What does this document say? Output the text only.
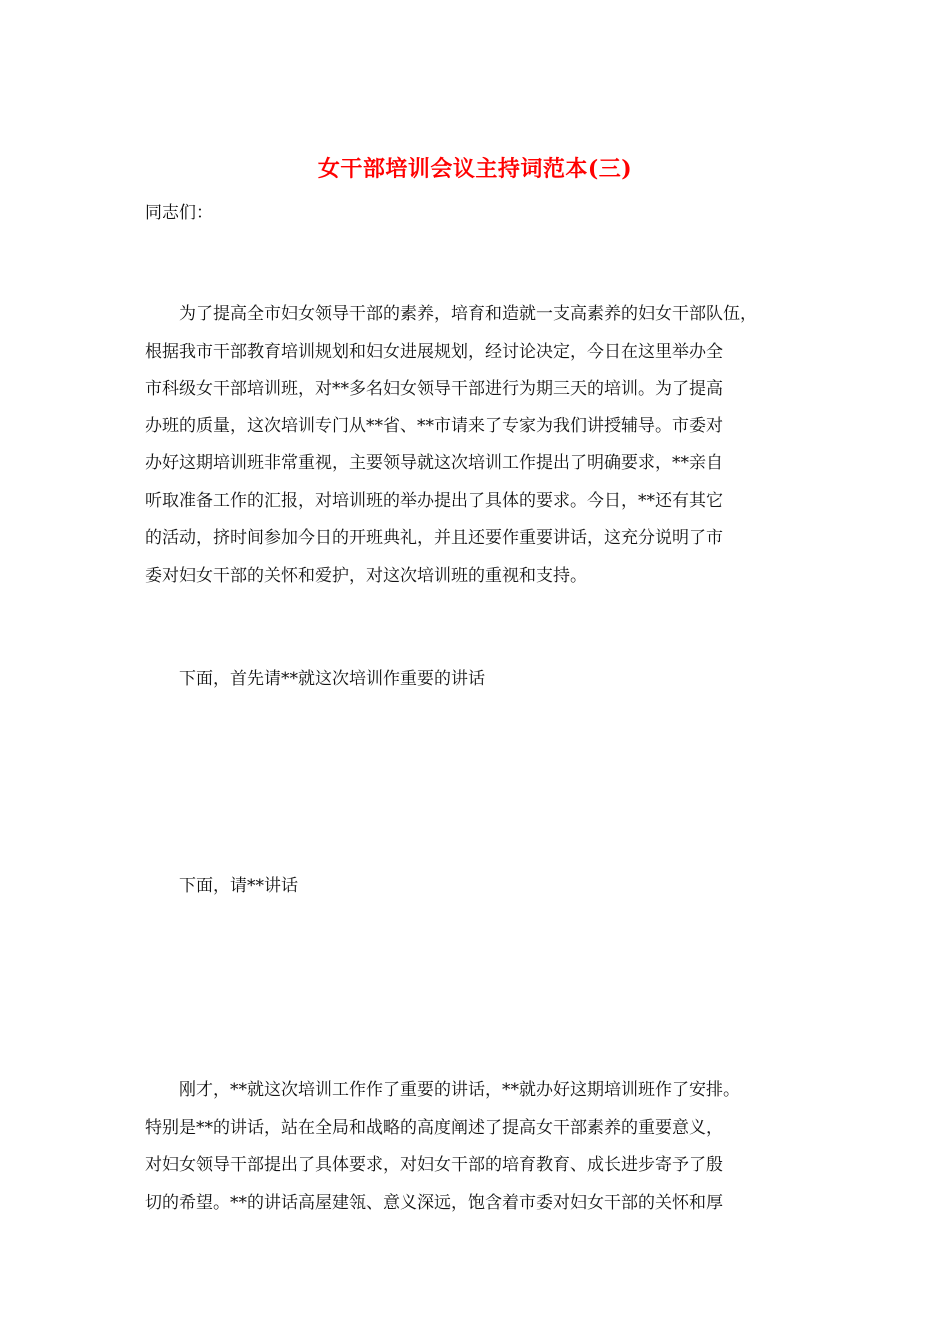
女干部培训会议主持词范本(三)
同志们：
　　为了提高全市妇女领导干部的素养，培育和造就一支高素养的妇女干部队伍，
根据我市干部教育培训规划和妇女进展规划，经讨论决定，今日在这里举办全
市科级女干部培训班，对**多名妇女领导干部进行为期三天的培训。为了提高
办班的质量，这次培训专门从**省、**市请来了专家为我们讲授辅导。市委对
办好这期培训班非常重视，主要领导就这次培训工作提出了明确要求，**亲自
听取准备工作的汇报，对培训班的举办提出了具体的要求。今日，**还有其它
的活动，挤时间参加今日的开班典礼，并且还要作重要讲话，这充分说明了市
委对妇女干部的关怀和爱护，对这次培训班的重视和支持。
　　下面，首先请**就这次培训作重要的讲话
　　下面，请**讲话
　　刚才，**就这次培训工作作了重要的讲话，**就办好这期培训班作了安排。
特别是**的讲话，站在全局和战略的高度阐述了提高女干部素养的重要意义，
对妇女领导干部提出了具体要求，对妇女干部的培育教育、成长进步寄予了殷
切的希望。**的讲话高屋建瓴、意义深远，饱含着市委对妇女干部的关怀和厚
